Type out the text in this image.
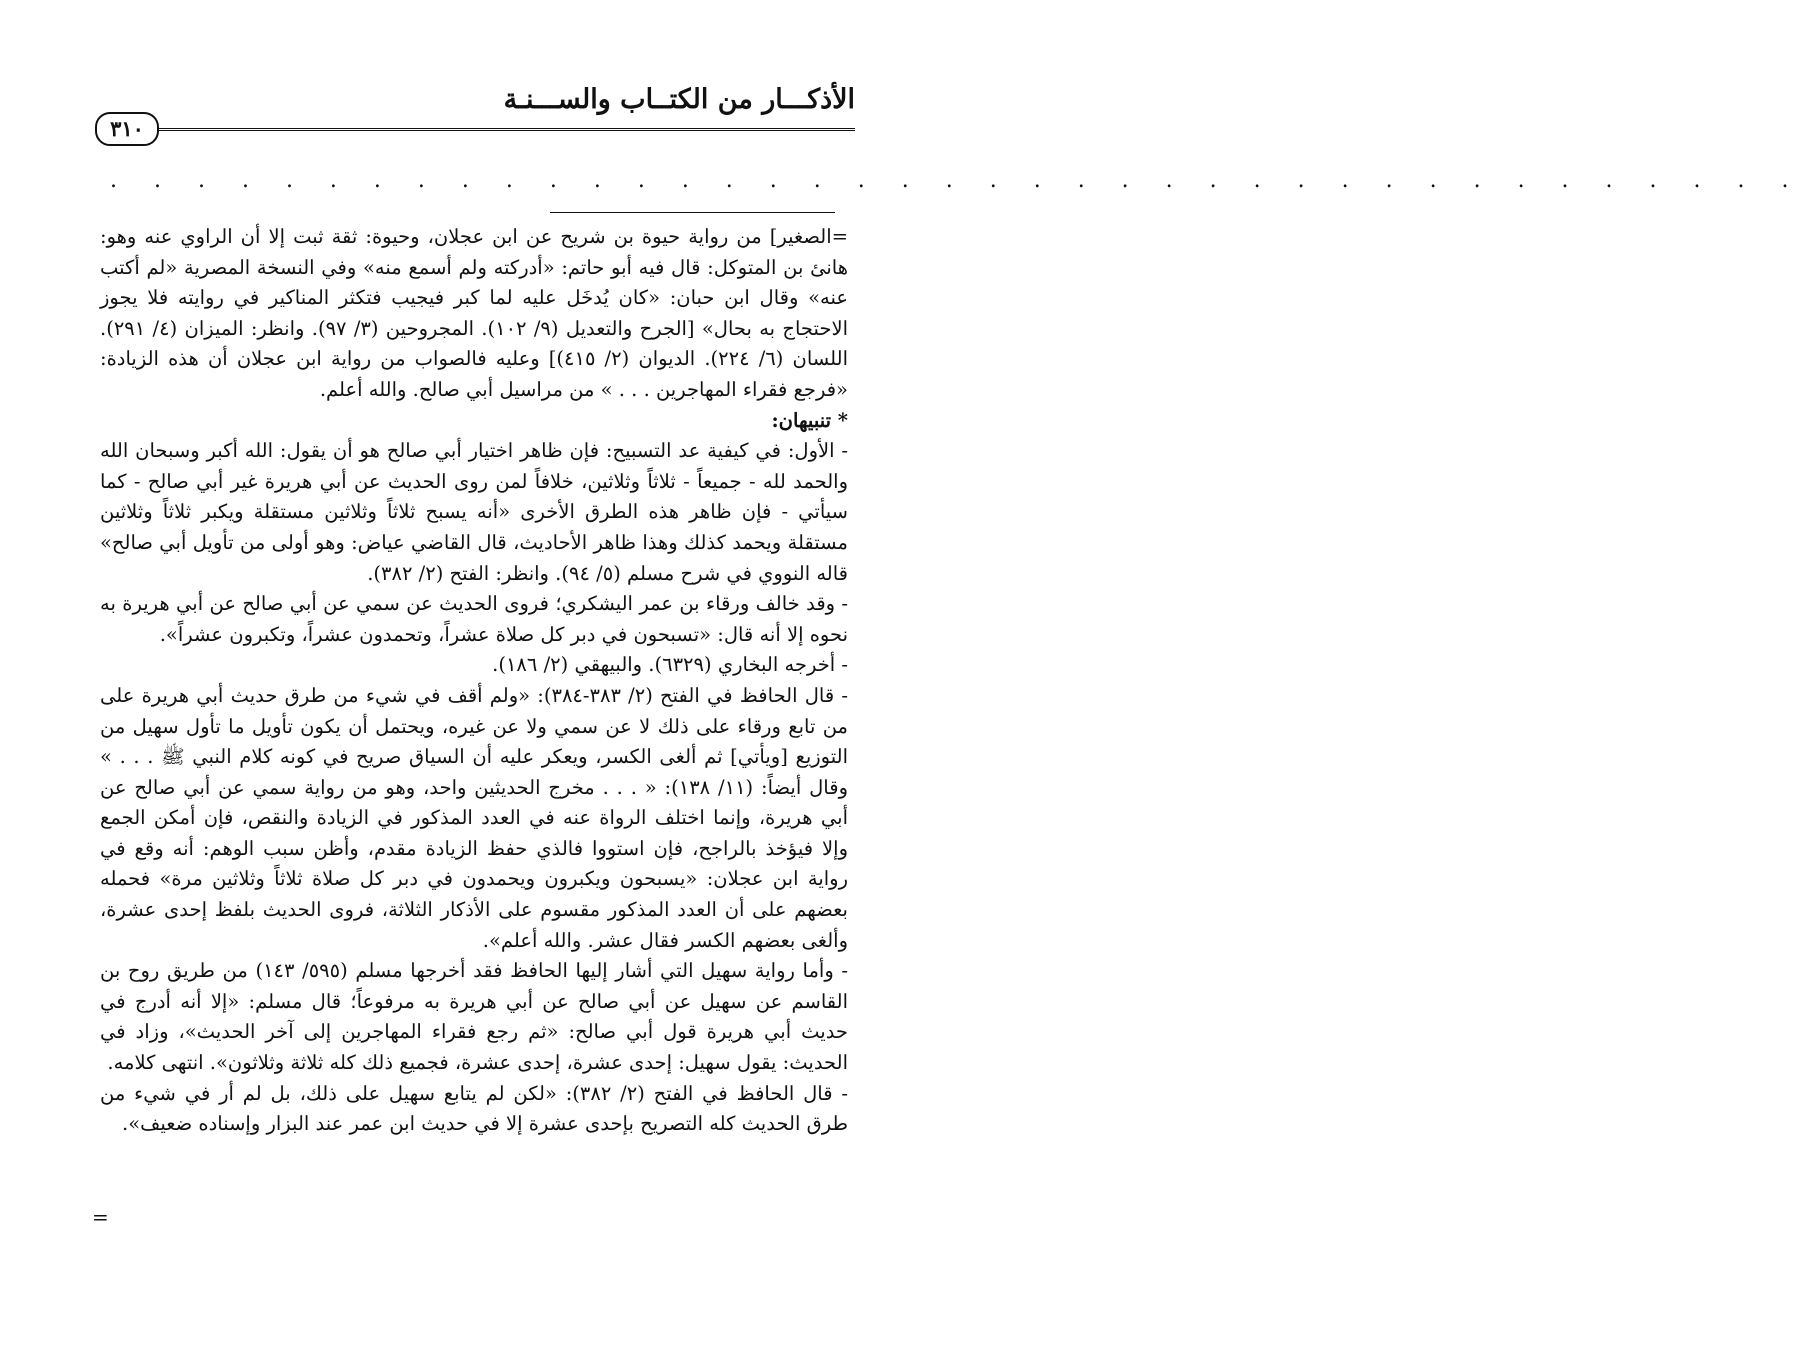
الأذكـــار من الكتــاب والســـنـة
٣١٠
. . . . . . . . . . . . . . . . . . . . . . . . . . . . . . . . . . . . . . .

=الصغير] من رواية حيوة بن شريح عن ابن عجلان، وحيوة: ثقة ثبت إلا أن الراوي عنه وهو: هانئ بن المتوكل: قال فيه أبو حاتم: «أدركته ولم أسمع منه» وفي النسخة المصرية «لم أكتب عنه» وقال ابن حبان: «كان يُدخَل عليه لما كبر فيجيب فتكثر المناكير في روايته فلا يجوز الاحتجاج به بحال» [الجرح والتعديل (٩/ ١٠٢). المجروحين (٣/ ٩٧). وانظر: الميزان (٤/ ٢٩١). اللسان (٦/ ٢٢٤). الديوان (٢/ ٤١٥)] وعليه فالصواب من رواية ابن عجلان أن هذه الزيادة: «فرجع فقراء المهاجرين . . . » من مراسيل أبي صالح. والله أعلم.

* تنبيهان:

- الأول: في كيفية عد التسبيح: فإن ظاهر اختيار أبي صالح هو أن يقول: الله أكبر وسبحان الله والحمد لله - جميعاً - ثلاثاً وثلاثين، خلافاً لمن روى الحديث عن أبي هريرة غير أبي صالح - كما سيأتي - فإن ظاهر هذه الطرق الأخرى «أنه يسبح ثلاثاً وثلاثين مستقلة ويكبر ثلاثاً وثلاثين مستقلة ويحمد كذلك وهذا ظاهر الأحاديث، قال القاضي عياض: وهو أولى من تأويل أبي صالح» قاله النووي في شرح مسلم (٥/ ٩٤). وانظر: الفتح (٢/ ٣٨٢).

- وقد خالف ورقاء بن عمر اليشكري؛ فروى الحديث عن سمي عن أبي صالح عن أبي هريرة به نحوه إلا أنه قال: «تسبحون في دبر كل صلاة عشراً، وتحمدون عشراً، وتكبرون عشراً».

- أخرجه البخاري (٦٣٢٩). والبيهقي (٢/ ١٨٦).

- قال الحافظ في الفتح (٢/ ٣٨٣-٣٨٤): «ولم أقف في شيء من طرق حديث أبي هريرة على من تابع ورقاء على ذلك لا عن سمي ولا عن غيره، ويحتمل أن يكون تأويل ما تأول سهيل من التوزيع [ويأتي] ثم ألغى الكسر، ويعكر عليه أن السياق صريح في كونه كلام النبي ﷺ . . . » وقال أيضاً: (١١/ ١٣٨): « . . . مخرج الحديثين واحد، وهو من رواية سمي عن أبي صالح عن أبي هريرة، وإنما اختلف الرواة عنه في العدد المذكور في الزيادة والنقص، فإن أمكن الجمع وإلا فيؤخذ بالراجح، فإن استووا فالذي حفظ الزيادة مقدم، وأظن سبب الوهم: أنه وقع في رواية ابن عجلان: «يسبحون ويكبرون ويحمدون في دبر كل صلاة ثلاثاً وثلاثين مرة» فحمله بعضهم على أن العدد المذكور مقسوم على الأذكار الثلاثة، فروى الحديث بلفظ إحدى عشرة، وألغى بعضهم الكسر فقال عشر. والله أعلم».

- وأما رواية سهيل التي أشار إليها الحافظ فقد أخرجها مسلم (٥٩٥/ ١٤٣) من طريق روح بن القاسم عن سهيل عن أبي صالح عن أبي هريرة به مرفوعاً؛ قال مسلم: «إلا أنه أدرج في حديث أبي هريرة قول أبي صالح: «ثم رجع فقراء المهاجرين إلى آخر الحديث»، وزاد في الحديث: يقول سهيل: إحدى عشرة، إحدى عشرة، فجميع ذلك كله ثلاثة وثلاثون». انتهى كلامه.

- قال الحافظ في الفتح (٢/ ٣٨٢): «لكن لم يتابع سهيل على ذلك، بل لم أر في شيء من طرق الحديث كله التصريح بإحدى عشرة إلا في حديث ابن عمر عند البزار وإسناده ضعيف».

=
